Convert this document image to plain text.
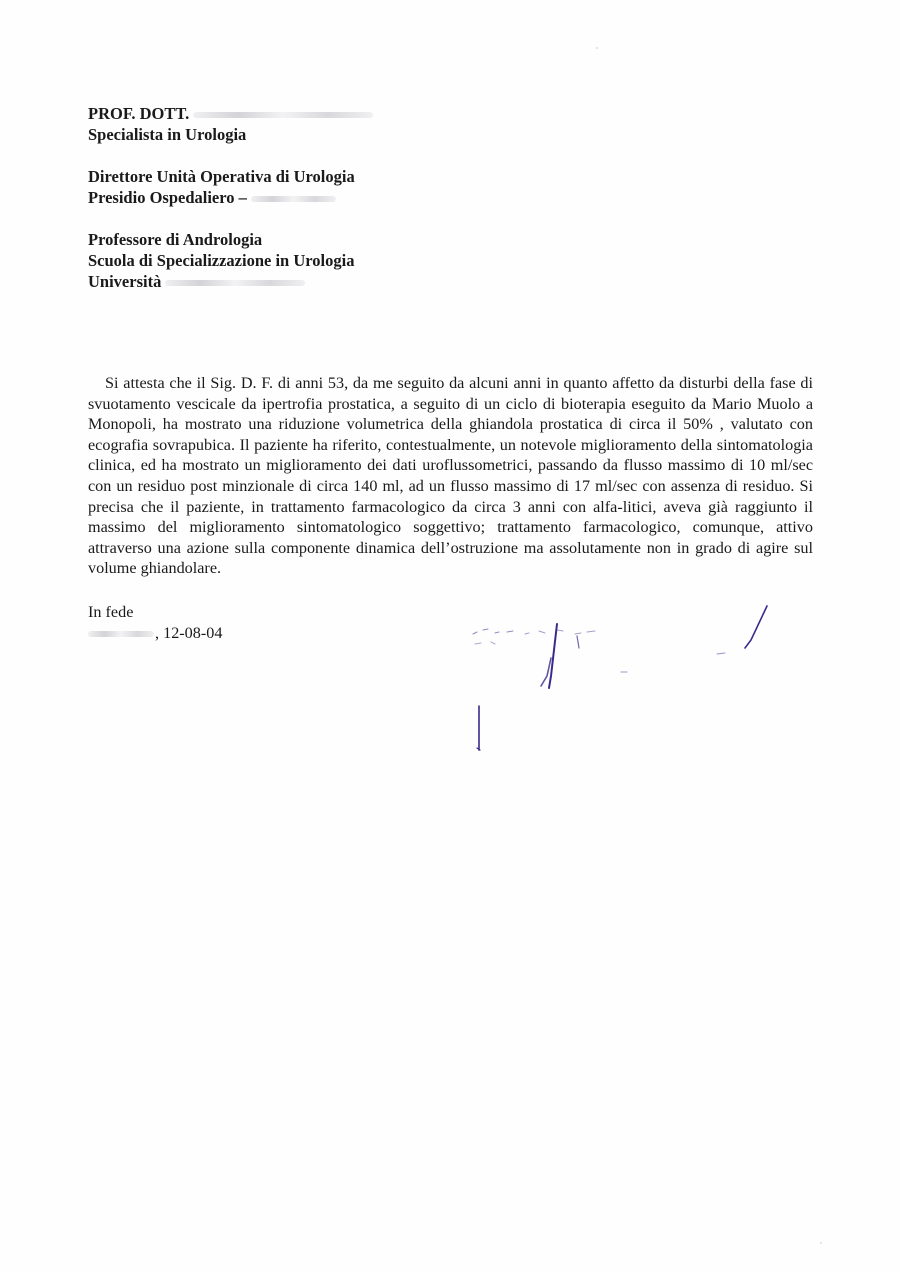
PROF. DOTT.
Specialista in Urologia
Direttore Unità Operativa di Urologia
Presidio Ospedaliero –
Professore di Andrologia
Scuola di Specializzazione in Urologia
Università

Si attesta che il Sig. D. F. di anni 53, da me seguito da alcuni anni in quanto affetto da disturbi della fase di svuotamento vescicale da ipertrofia prostatica, a seguito di un ciclo di bioterapia eseguito da Mario Muolo a Monopoli, ha mostrato una riduzione volumetrica della ghiandola prostatica di circa il 50% , valutato con ecografia sovrapubica. Il paziente ha riferito, contestualmente, un notevole miglioramento della sintomatologia clinica, ed ha mostrato un miglioramento dei dati uroflussometrici, passando da flusso massimo di 10 ml/sec con un residuo post minzionale di circa 140 ml, ad un flusso massimo di 17 ml/sec con assenza di residuo. Si precisa che il paziente, in trattamento farmacologico da circa 3 anni con alfa-litici, aveva già raggiunto il massimo del miglioramento sintomatologico soggettivo; trattamento farmacologico, comunque, attivo attraverso una azione sulla componente dinamica dell’ostruzione ma assolutamente non in grado di agire sul volume ghiandolare.

In fede
, 12-08-04
